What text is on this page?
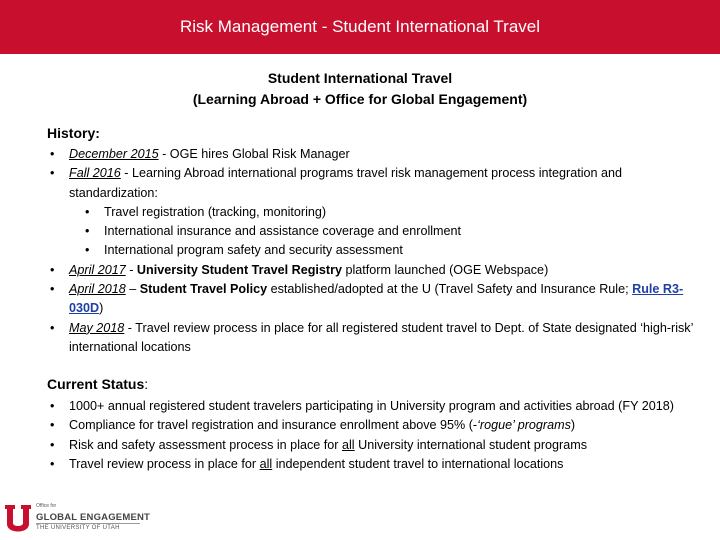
Risk Management - Student International Travel
Student International Travel
(Learning Abroad + Office for Global Engagement)
History:
• December 2015 - OGE hires Global Risk Manager
• Fall 2016 - Learning Abroad international programs travel risk management process integration and standardization:
• Travel registration (tracking, monitoring)
• International insurance and assistance coverage and enrollment
• International program safety and security assessment
• April 2017 - University Student Travel Registry platform launched (OGE Webspace)
• April 2018 – Student Travel Policy established/adopted at the U (Travel Safety and Insurance Rule; Rule R3-030D)
• May 2018 - Travel review process in place for all registered student travel to Dept. of State designated ‘high-risk’ international locations
Current Status:
• 1000+ annual registered student travelers participating in University program and activities abroad (FY 2018)
• Compliance for travel registration and insurance enrollment above 95% (-‘rogue’ programs)
• Risk and safety assessment process in place for all University international student programs
• Travel review process in place for all independent student travel to international locations
Office for
GLOBAL ENGAGEMENT
THE UNIVERSITY OF UTAH
